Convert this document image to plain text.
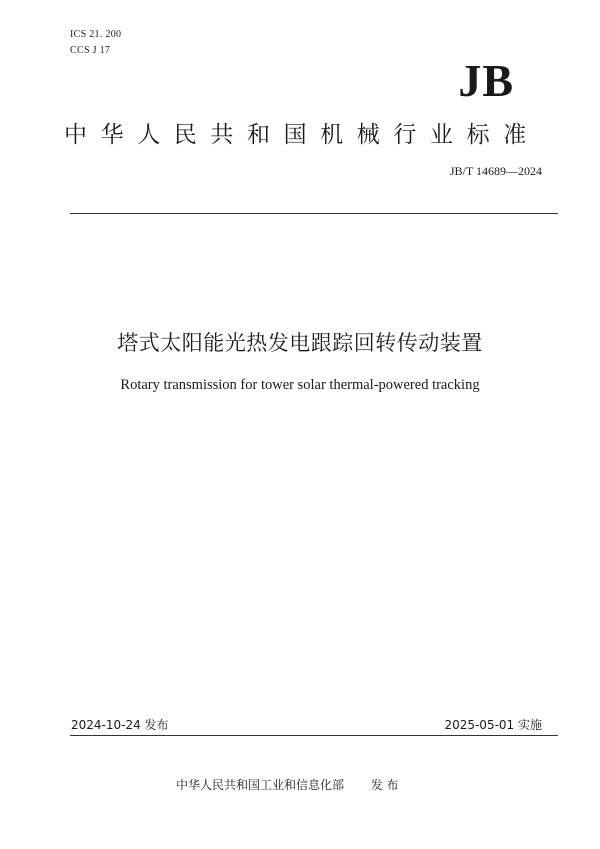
ICS 21. 200
CCS J 17
JB
中华人民共和国机械行业标准
JB/T 14689—2024
塔式太阳能光热发电跟踪回转传动装置
Rotary transmission for tower solar thermal-powered tracking
2024-10-24 发布	2025-05-01 实施
中华人民共和国工业和信息化部       发 布
